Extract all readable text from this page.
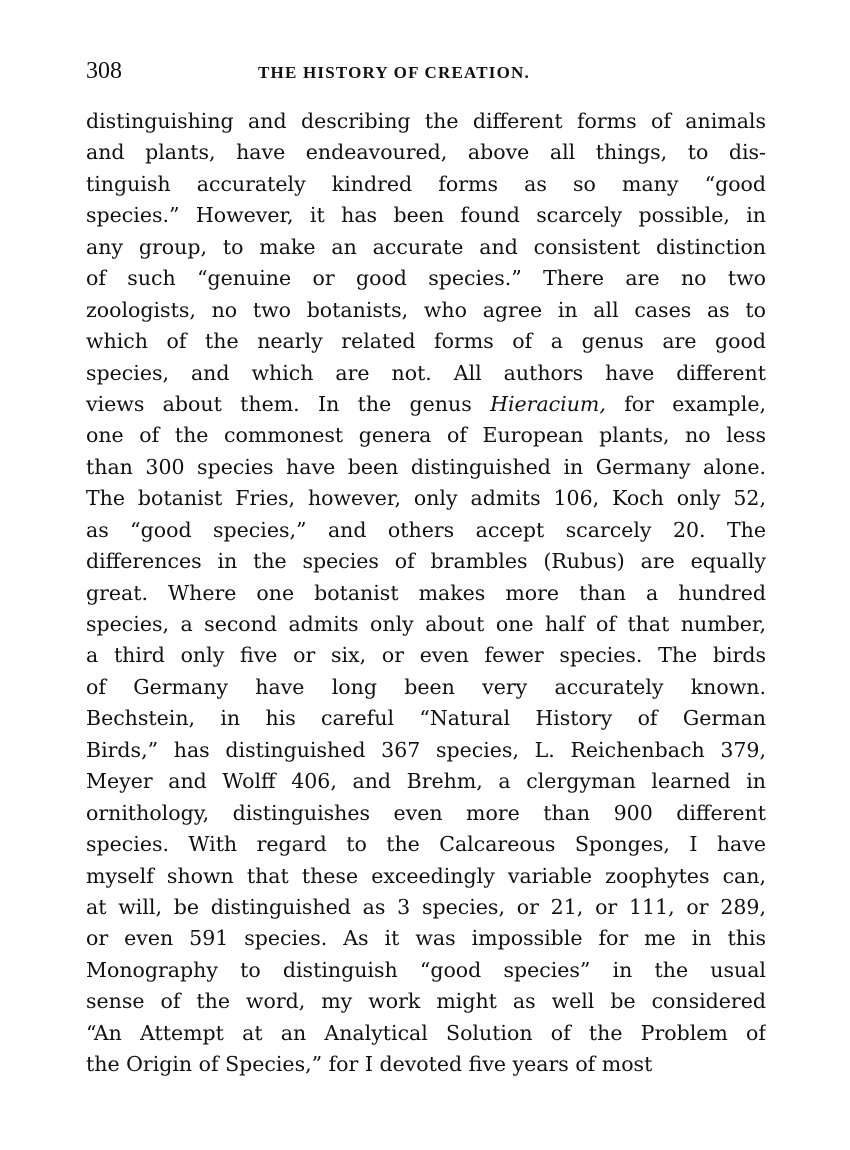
308	THE HISTORY OF CREATION.
distinguishing and describing the different forms of animals
and plants, have endeavoured, above all things, to dis-
tinguish accurately kindred forms as so many “good
species.” However, it has been found scarcely possible, in
any group, to make an accurate and consistent distinction
of such “genuine or good species.” There are no two
zoologists, no two botanists, who agree in all cases as to
which of the nearly related forms of a genus are good
species, and which are not. All authors have different
views about them. In the genus Hieracium, for example,
one of the commonest genera of European plants, no less
than 300 species have been distinguished in Germany alone.
The botanist Fries, however, only admits 106, Koch only 52,
as “good species,” and others accept scarcely 20. The
differences in the species of brambles (Rubus) are equally
great. Where one botanist makes more than a hundred
species, a second admits only about one half of that number,
a third only five or six, or even fewer species. The birds
of Germany have long been very accurately known.
Bechstein, in his careful “Natural History of German
Birds,” has distinguished 367 species, L. Reichenbach 379,
Meyer and Wolff 406, and Brehm, a clergyman learned in
ornithology, distinguishes even more than 900 different
species. With regard to the Calcareous Sponges, I have
myself shown that these exceedingly variable zoophytes can,
at will, be distinguished as 3 species, or 21, or 111, or 289,
or even 591 species. As it was impossible for me in this
Monography to distinguish “good species” in the usual
sense of the word, my work might as well be considered
“An Attempt at an Analytical Solution of the Problem of
the Origin of Species,” for I devoted five years of most
